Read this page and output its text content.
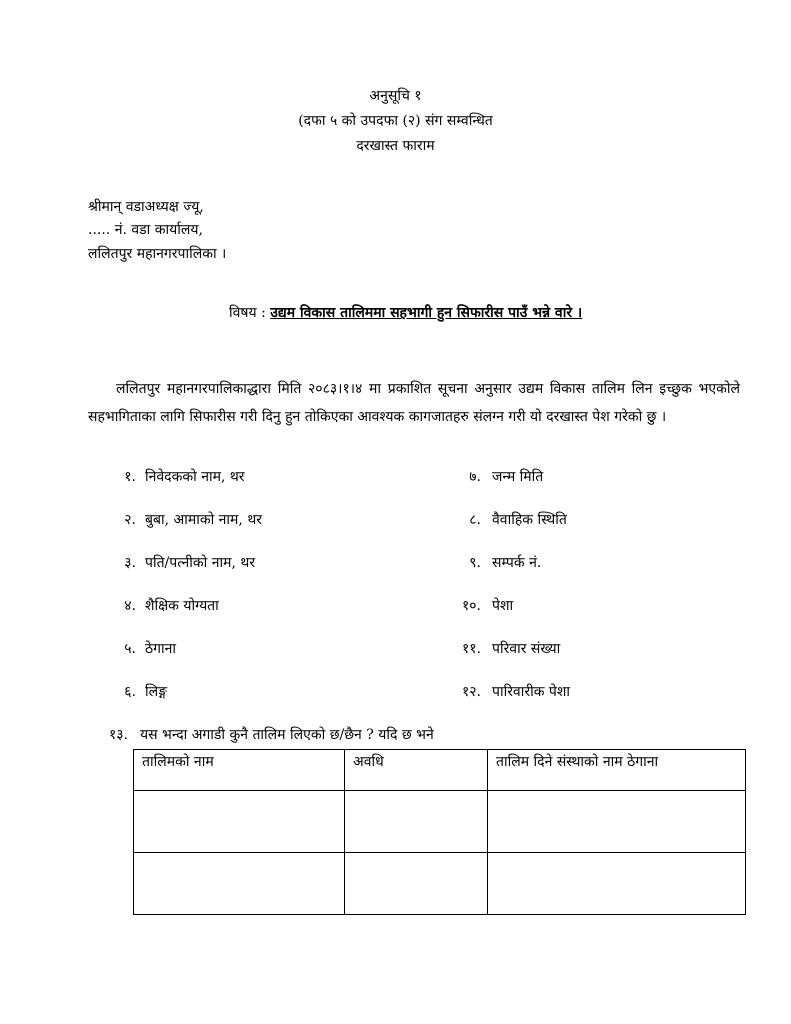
अनुसूचि १
(दफा ५ को उपदफा (२) संग सम्वन्धित
दरखास्त फाराम
श्रीमान् वडाअध्यक्ष ज्यू,
..... नं. वडा कार्यालय,
ललितपुर महानगरपालिका ।
विषय : उद्यम विकास तालिममा सहभागी हुन सिफारीस पाउँ भन्ने वारे ।
ललितपुर महानगरपालिकाद्धारा मिति २०८३।१।४ मा प्रकाशित सूचना अनुसार उद्यम विकास तालिम लिन इच्छुक भएकोले सहभागिताका लागि सिफारीस गरी दिनु हुन तोकिएका आवश्यक कागजातहरु संलग्न गरी यो दरखास्त पेश गरेको छु ।
१. निवेदकको नाम, थर
२. बुबा, आमाको नाम, थर
३. पति/पत्नीको नाम, थर
४. शैक्षिक योग्यता
५. ठेगाना
६. लिङ्ग
७. जन्म मिति
८. वैवाहिक स्थिति
९. सम्पर्क नं.
१०. पेशा
११. परिवार संख्या
१२. पारिवारीक पेशा
१३. यस भन्दा अगाडी कुनै तालिम लिएको छ/छैन ? यदि छ भने
तालिमको नाम	अवधि	तालिम दिने संस्थाको नाम ठेगाना
